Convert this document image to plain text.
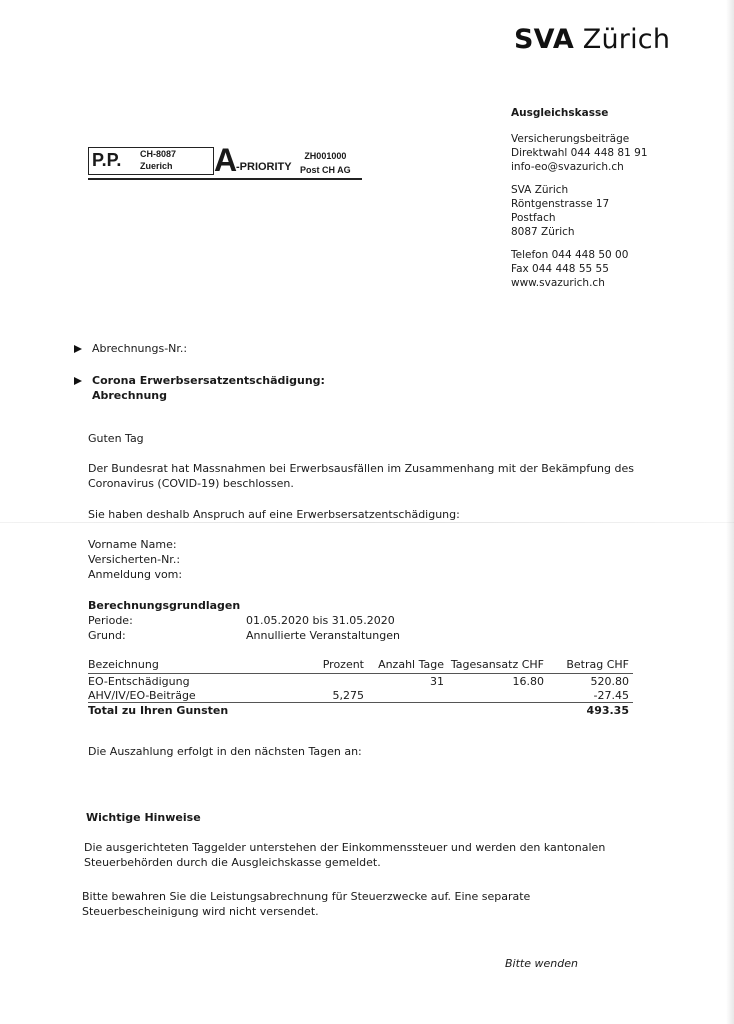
SVA Zürich
Ausgleichskasse
Versicherungsbeiträge
Direktwahl 044 448 81 91
info-eo@svazurich.ch
SVA Zürich
Röntgenstrasse 17
Postfach
8087 Zürich
Telefon 044 448 50 00
Fax 044 448 55 55
www.svazurich.ch
P.P. CH-8087
Zuerich A
-PRIORITY
ZH001000
Post CH AG
Abrechnungs-Nr.:
Corona Erwerbsersatzentschädigung:
Abrechnung
Guten Tag
Der Bundesrat hat Massnahmen bei Erwerbsausfällen im Zusammenhang mit der Bekämpfung des Coronavirus (COVID-19) beschlossen.
Sie haben deshalb Anspruch auf eine Erwerbsersatzentschädigung:
Vorname Name:
Versicherten-Nr.:
Anmeldung vom:
Berechnungsgrundlagen
Periode:	01.05.2020 bis 31.05.2020
Grund:	Annullierte Veranstaltungen
Bezeichnung	Prozent	Anzahl Tage	Tagesansatz CHF	Betrag CHF
EO-Entschädigung		31	16.80	520.80
AHV/IV/EO-Beiträge	5,275			-27.45
Total zu Ihren Gunsten				493.35
Die Auszahlung erfolgt in den nächsten Tagen an:
Wichtige Hinweise
Die ausgerichteten Taggelder unterstehen der Einkommenssteuer und werden den kantonalen Steuerbehörden durch die Ausgleichskasse gemeldet.
Bitte bewahren Sie die Leistungsabrechnung für Steuerzwecke auf. Eine separate Steuerbescheinigung wird nicht versendet.
Bitte wenden
